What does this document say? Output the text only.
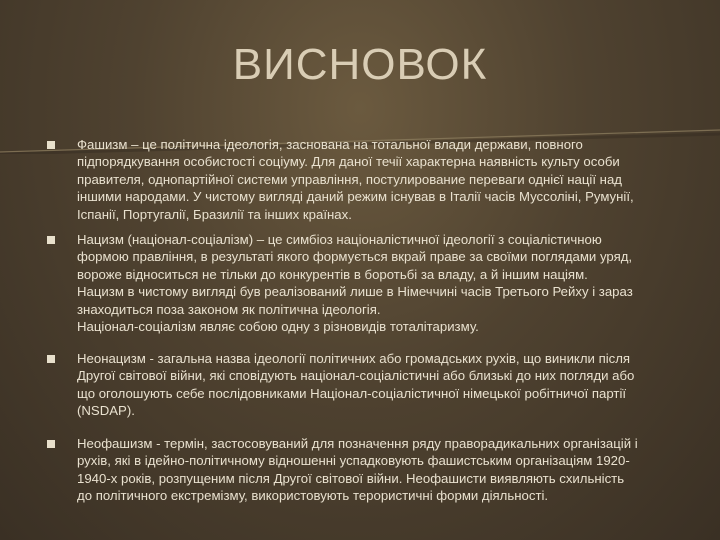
ВИСНОВОК
Фашизм – це політична ідеологія, заснована на тотальної влади держави, повного
підпорядкування особистості соціуму. Для даної течії характерна наявність культу особи
правителя, однопартійної системи управління, постулирование переваги однієї нації над
іншими народами. У чистому вигляді даний режим існував в Італії часів Муссоліні, Румунії,
Іспанії, Португалії, Бразилії та інших країнах.
Нацизм (націонал-соціалізм) – це симбіоз націоналістичної ідеології з соціалістичною
формою правління, в результаті якого формується вкрай праве за своїми поглядами уряд,
вороже відноситься не тільки до конкурентів в боротьбі за владу, а й іншим націям.
Нацизм в чистому вигляді був реалізований лише в Німеччині часів Третього Рейху і зараз
знаходиться поза законом як політична ідеологія.
Націонал-соціалізм являє собою одну з різновидів тоталітаризму.
Неонацизм - загальна назва ідеології політичних або громадських рухів, що виникли після
Другої світової війни, які сповідують націонал-соціалістичні або близькі до них погляди або
що оголошують себе послідовниками Націонал-соціалістичної німецької робітничої партії
(NSDAP).
Неофашизм - термін, застосовуваний для позначення ряду праворадикальних організацій і
рухів, які в ідейно-політичному відношенні успадковують фашистським організаціям 1920-
1940-х років, розпущеним після Другої світової війни. Неофашисти виявляють схильність
до політичного екстремізму, використовують терористичні форми діяльності.
